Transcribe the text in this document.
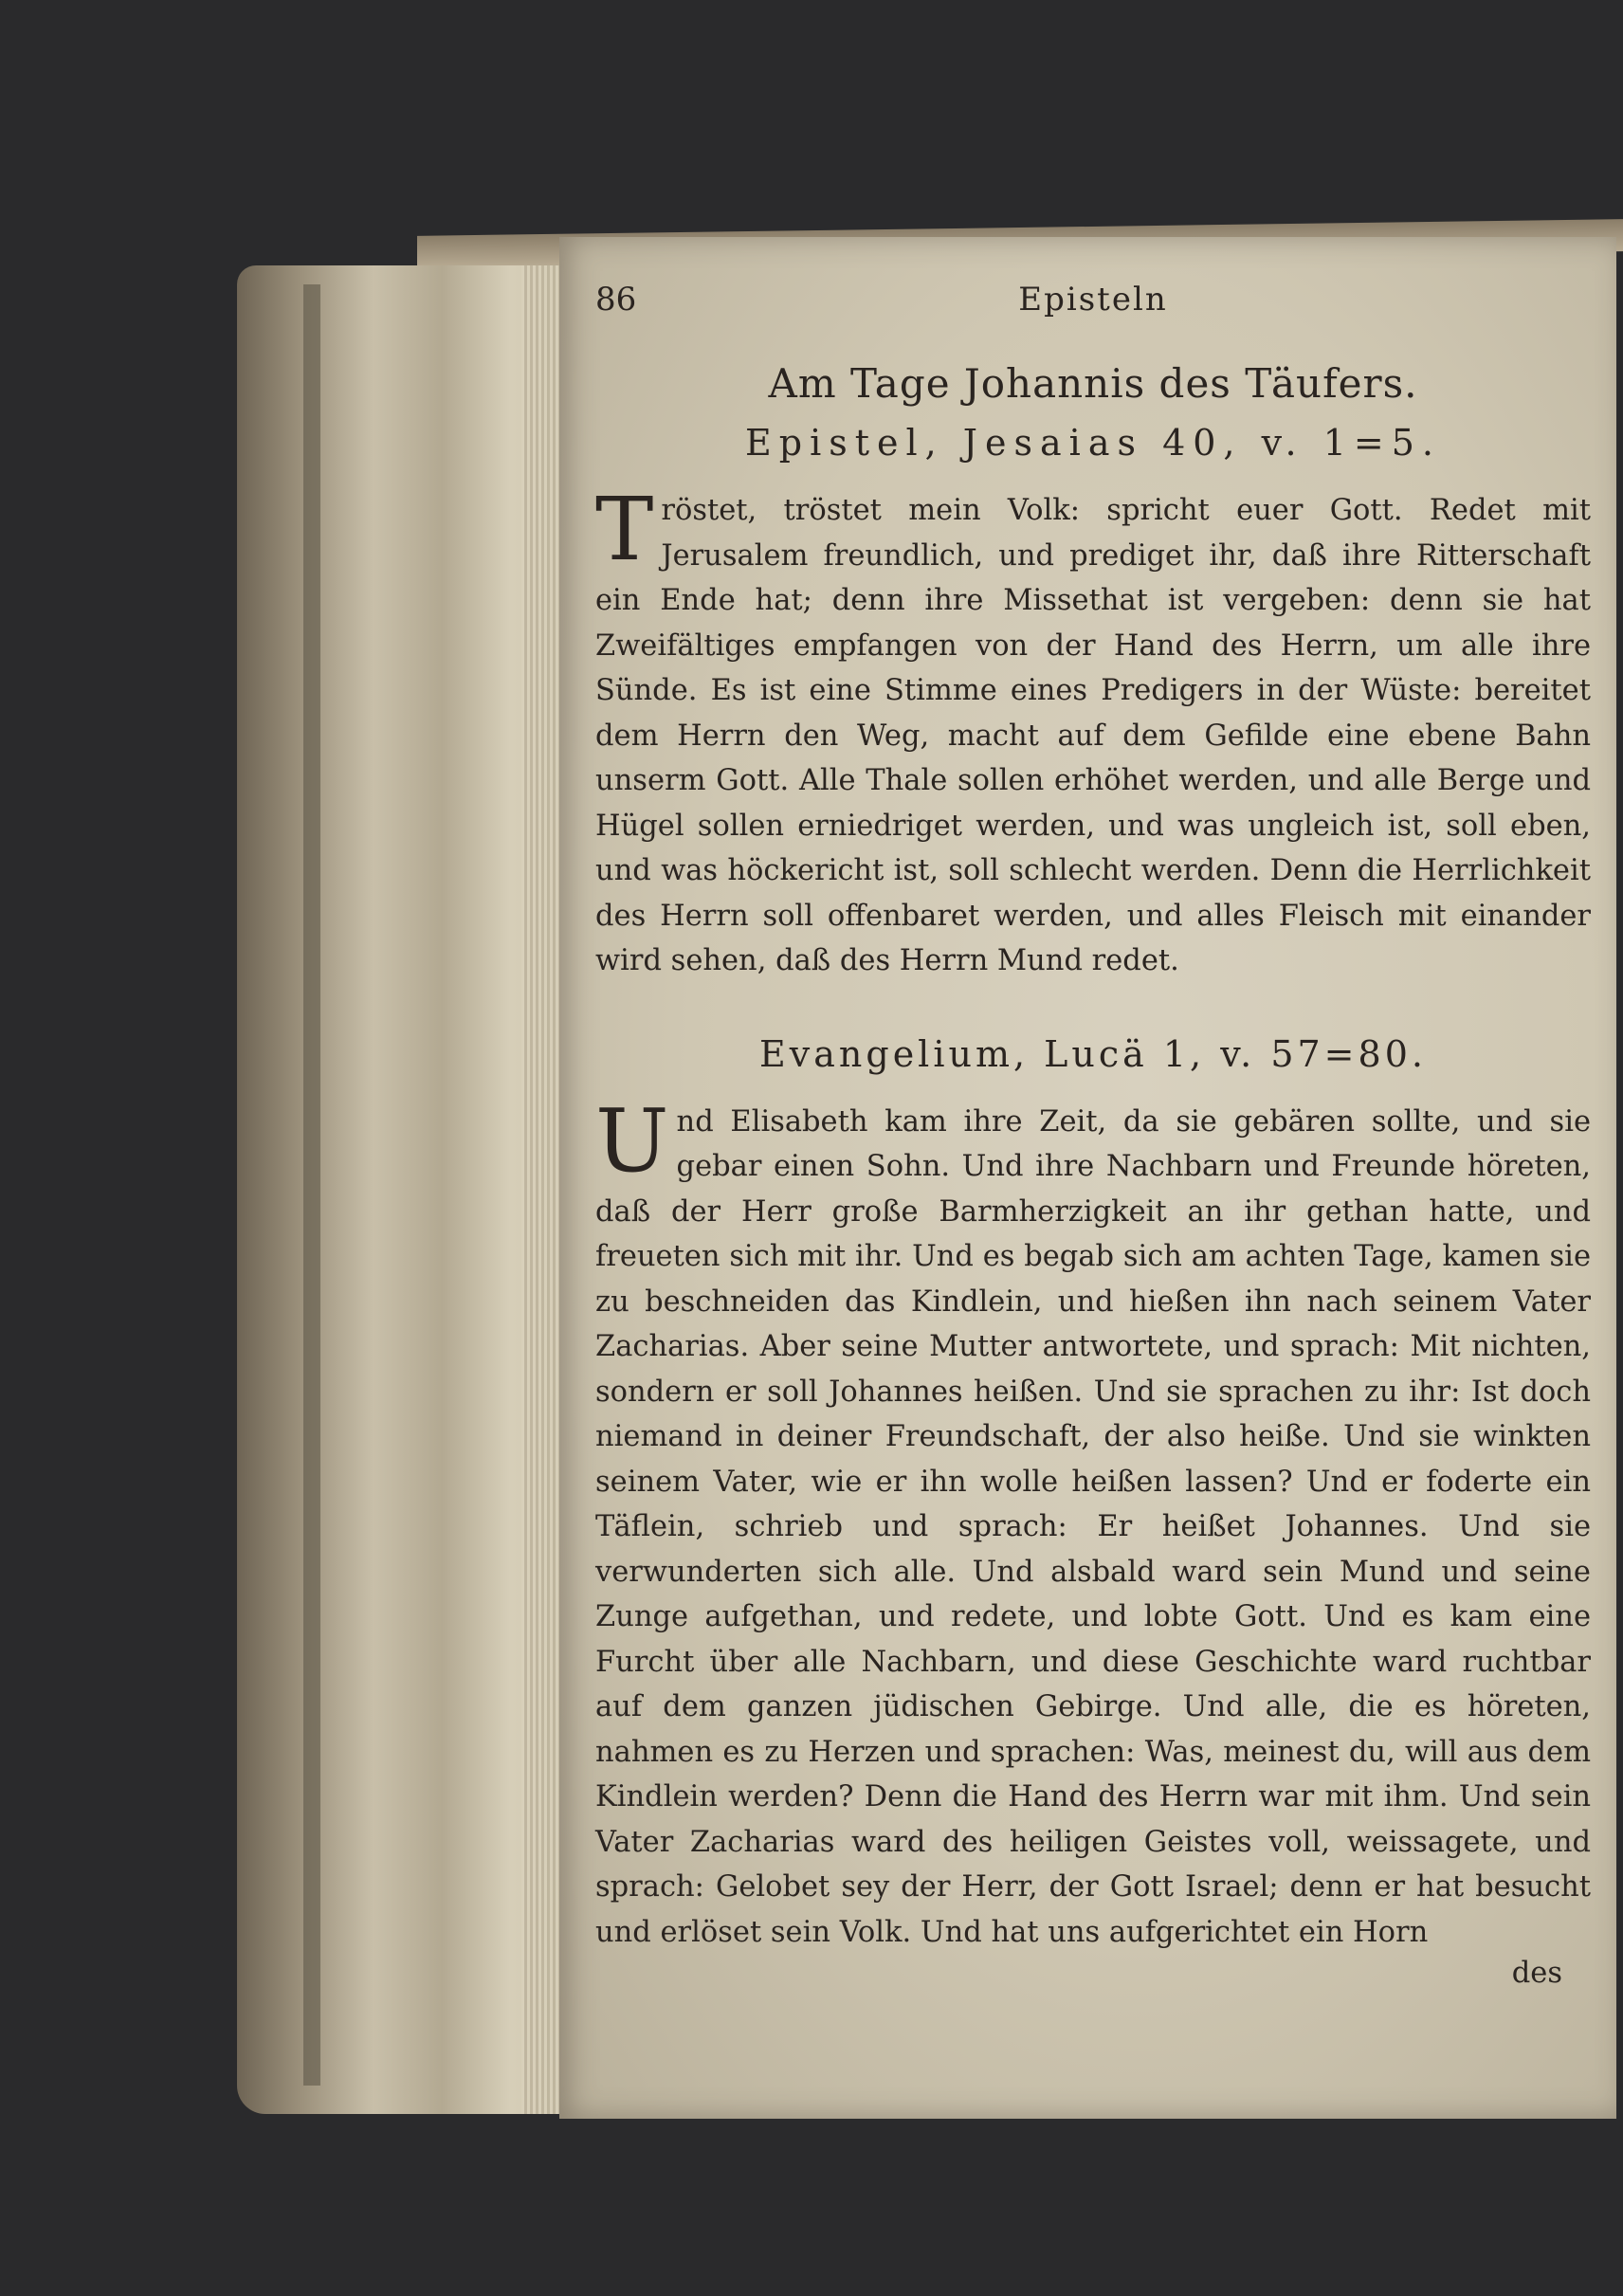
86	Episteln
Am Tage Johannis des Täufers.
Epistel, Jesaias 40, v. 1=5.

Tröstet, tröstet mein Volk: spricht euer Gott. Redet mit Jerusalem freundlich, und prediget ihr, daß ihre Ritterschaft ein Ende hat; denn ihre Missethat ist vergeben: denn sie hat Zweifältiges empfangen von der Hand des Herrn, um alle ihre Sünde. Es ist eine Stimme eines Predigers in der Wüste: bereitet dem Herrn den Weg, macht auf dem Gefilde eine ebene Bahn unserm Gott. Alle Thale sollen erhöhet werden, und alle Berge und Hügel sollen erniedriget werden, und was ungleich ist, soll eben, und was höckericht ist, soll schlecht werden. Denn die Herrlichkeit des Herrn soll offenbaret werden, und alles Fleisch mit einander wird sehen, daß des Herrn Mund redet.

Evangelium, Lucä 1, v. 57=80.

Und Elisabeth kam ihre Zeit, da sie gebären sollte, und sie gebar einen Sohn. Und ihre Nachbarn und Freunde höreten, daß der Herr große Barmherzigkeit an ihr gethan hatte, und freueten sich mit ihr. Und es begab sich am achten Tage, kamen sie zu beschneiden das Kindlein, und hießen ihn nach seinem Vater Zacharias. Aber seine Mutter antwortete, und sprach: Mit nichten, sondern er soll Johannes heißen. Und sie sprachen zu ihr: Ist doch niemand in deiner Freundschaft, der also heiße. Und sie winkten seinem Vater, wie er ihn wolle heißen lassen? Und er foderte ein Täflein, schrieb und sprach: Er heißet Johannes. Und sie verwunderten sich alle. Und alsbald ward sein Mund und seine Zunge aufgethan, und redete, und lobte Gott. Und es kam eine Furcht über alle Nachbarn, und diese Geschichte ward ruchtbar auf dem ganzen jüdischen Gebirge. Und alle, die es höreten, nahmen es zu Herzen und sprachen: Was, meinest du, will aus dem Kindlein werden? Denn die Hand des Herrn war mit ihm. Und sein Vater Zacharias ward des heiligen Geistes voll, weissagete, und sprach: Gelobet sey der Herr, der Gott Israel; denn er hat besucht und erlöset sein Volk. Und hat uns aufgerichtet ein Horn

des
